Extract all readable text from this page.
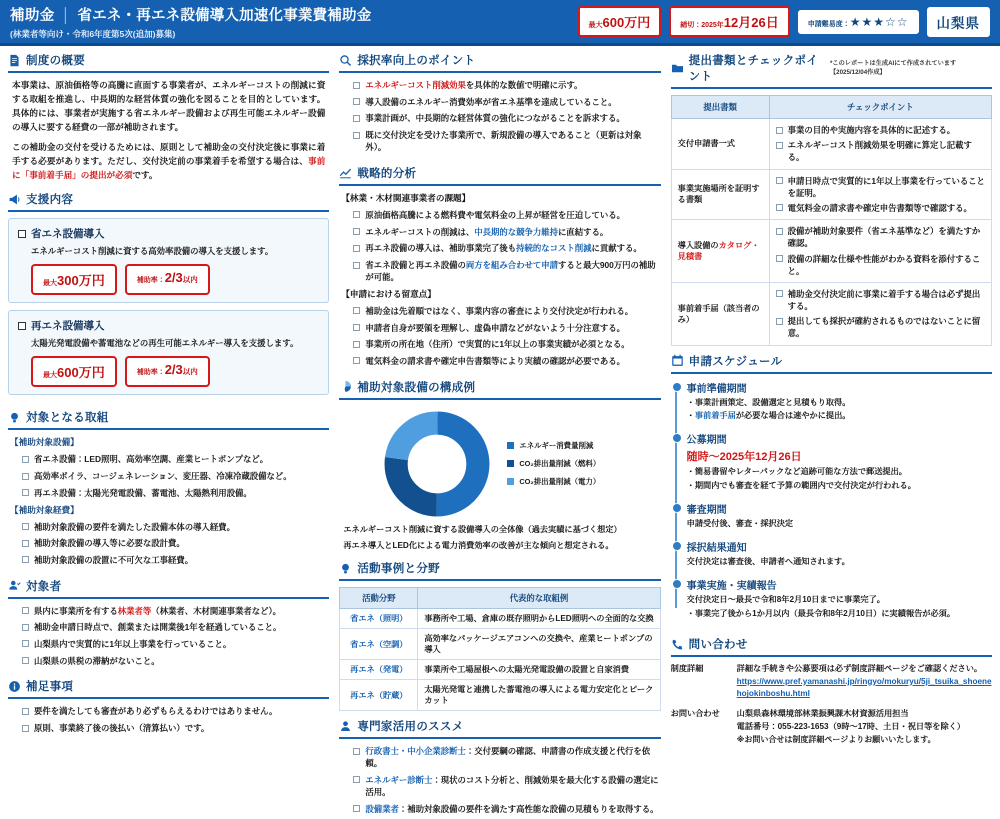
補助金 │ 省エネ・再エネ設備導入加速化事業費補助金
(林業者等向け・令和6年度第5次(追加)募集)
最大 600万円	締切：2025年 12月26日	申請難易度： ★★★☆☆ 山梨県
制度の概要
本事業は、原油価格等の高騰に直面する事業者が、エネルギーコストの削減に資する取組を推進し、中長期的な経営体質の強化を図ることを目的としています。具体的には、事業者が実施する省エネルギー設備および再生可能エネルギー設備の導入に要する経費の一部が補助されます。
この補助金の交付を受けるためには、原則として補助金の交付決定後に事業に着手する必要があります。ただし、交付決定前の事業着手を希望する場合は、事前に「事前着手届」の提出が必須です。
支援内容
省エネ設備導入
エネルギーコスト削減に資する高効率設備の導入を支援します。
最大 300万円	補助率： 2/3 以内
再エネ設備導入
太陽光発電設備や蓄電池などの再生可能エネルギー導入を支援します。
最大 600万円	補助率： 2/3 以内
対象となる取組
【補助対象設備】
省エネ設備：LED照明、高効率空調、産業ヒートポンプなど。
高効率ボイラ、コージェネレーション、変圧器、冷凍冷蔵設備など。
再エネ設備：太陽光発電設備、蓄電池、太陽熱利用設備。
【補助対象経費】
補助対象設備の要件を満たした設備本体の導入経費。
補助対象設備の導入等に必要な設計費。
補助対象設備の設置に不可欠な工事経費。
対象者
県内に事業所を有する林業者等（林業者、木材関連事業者など）。
補助金申請日時点で、創業または開業後1年を経過していること。
山梨県内で実質的に1年以上事業を行っていること。
山梨県の県税の滞納がないこと。
補足事項
要件を満たしても審査があり必ずもらえるわけではありません。
原則、事業終了後の後払い（清算払い）です。
採択率向上のポイント
エネルギーコスト削減効果を具体的な数値で明確に示す。
導入設備のエネルギー消費効率が省エネ基準を達成していること。
事業計画が、中長期的な経営体質の強化につながることを訴求する。
既に交付決定を受けた事業所で、新規設備の導入であること（更新は対象外）。
戦略的分析
【林業・木材関連事業者の課題】
原油価格高騰による燃料費や電気料金の上昇が経営を圧迫している。
エネルギーコストの削減は、中長期的な競争力維持に直結する。
再エネ設備の導入は、補助事業完了後も持続的なコスト削減に貢献する。
省エネ設備と再エネ設備の両方を組み合わせて申請すると最大900万円の補助が可能。
【申請における留意点】
補助金は先着順ではなく、事業内容の審査により交付決定が行われる。
申請者自身が要領を理解し、虚偽申請などがないよう十分注意する。
事業所の所在地（住所）で実質的に1年以上の事業実績が必須となる。
電気料金の請求書や確定申告書類等により実績の確認が必要である。
補助対象設備の構成例
エネルギー消費量削減
CO₂排出量削減（燃料）
CO₂排出量削減（電力）
エネルギーコスト削減に資する設備導入の全体像（過去実績に基づく想定）
再エネ導入とLED化による電力消費効率の改善が主な傾向と想定される。
活動事例と分野
活動分野	代表的な取組例
省エネ（照明）	事務所や工場、倉庫の既存照明からLED照明への全面的な交換
省エネ（空調）	高効率なパッケージエアコンへの交換や、産業ヒートポンプの導入
再エネ（発電）	事業所や工場屋根への太陽光発電設備の設置と自家消費
再エネ（貯蔵）	太陽光発電と連携した蓄電池の導入による電力安定化とピークカット
専門家活用のススメ
行政書士・中小企業診断士：交付要綱の確認、申請書の作成支援と代行を依頼。
エネルギー診断士：現状のコスト分析と、削減効果を最大化する設備の選定に活用。
設備業者：補助対象設備の要件を満たす高性能な設備の見積もりを取得する。
提出書類とチェックポイント
*このレポートは生成AIにて作成されています【2025/12/04作成】
提出書類	チェックポイント
交付申請書一式	事業の目的や実施内容を具体的に記述する。
エネルギーコスト削減効果を明確に算定し記載する。

事業実施場所を証明する書類	申請日時点で実質的に1年以上事業を行っていることを証明。
電気料金の請求書や確定申告書類等で確認する。

導入設備のカタログ・見積書	設備が補助対象要件（省エネ基準など）を満たすか確認。
設備の詳細な仕様や性能がわかる資料を添付すること。

事前着手届（該当者のみ）	補助金交付決定前に事業に着手する場合は必ず提出する。
提出しても採択が確約されるものではないことに留意。
申請スケジュール
事前準備期間
・事業計画策定、設備選定と見積もり取得。
・事前着手届が必要な場合は速やかに提出。
公募期間
随時〜2025年12月26日
・簡易書留やレターパックなど追跡可能な方法で郵送提出。
・期間内でも審査を経て予算の範囲内で交付決定が行われる。
審査期間
申請受付後、審査・採択決定
採択結果通知
交付決定は審査後、申請者へ通知されます。
事業実施・実績報告
交付決定日〜最長で令和8年2月10日までに事業完了。
・事業完了後から1か月以内（最長令和8年2月10日）に実績報告が必須。
問い合わせ
制度詳細	詳細な手続きや公募要項は必ず制度詳細ページをご確認ください。
https://www.pref.yamanashi.jp/ringyo/mokuryu/5ji_tsuika_shoenehojokinboshu.html
お問い合わせ	山梨県森林環境部林業振興課木材資源活用担当
電話番号：055-223-1653（9時〜17時、土日・祝日等を除く）
※お問い合せは制度詳細ページよりお願いいたします。
